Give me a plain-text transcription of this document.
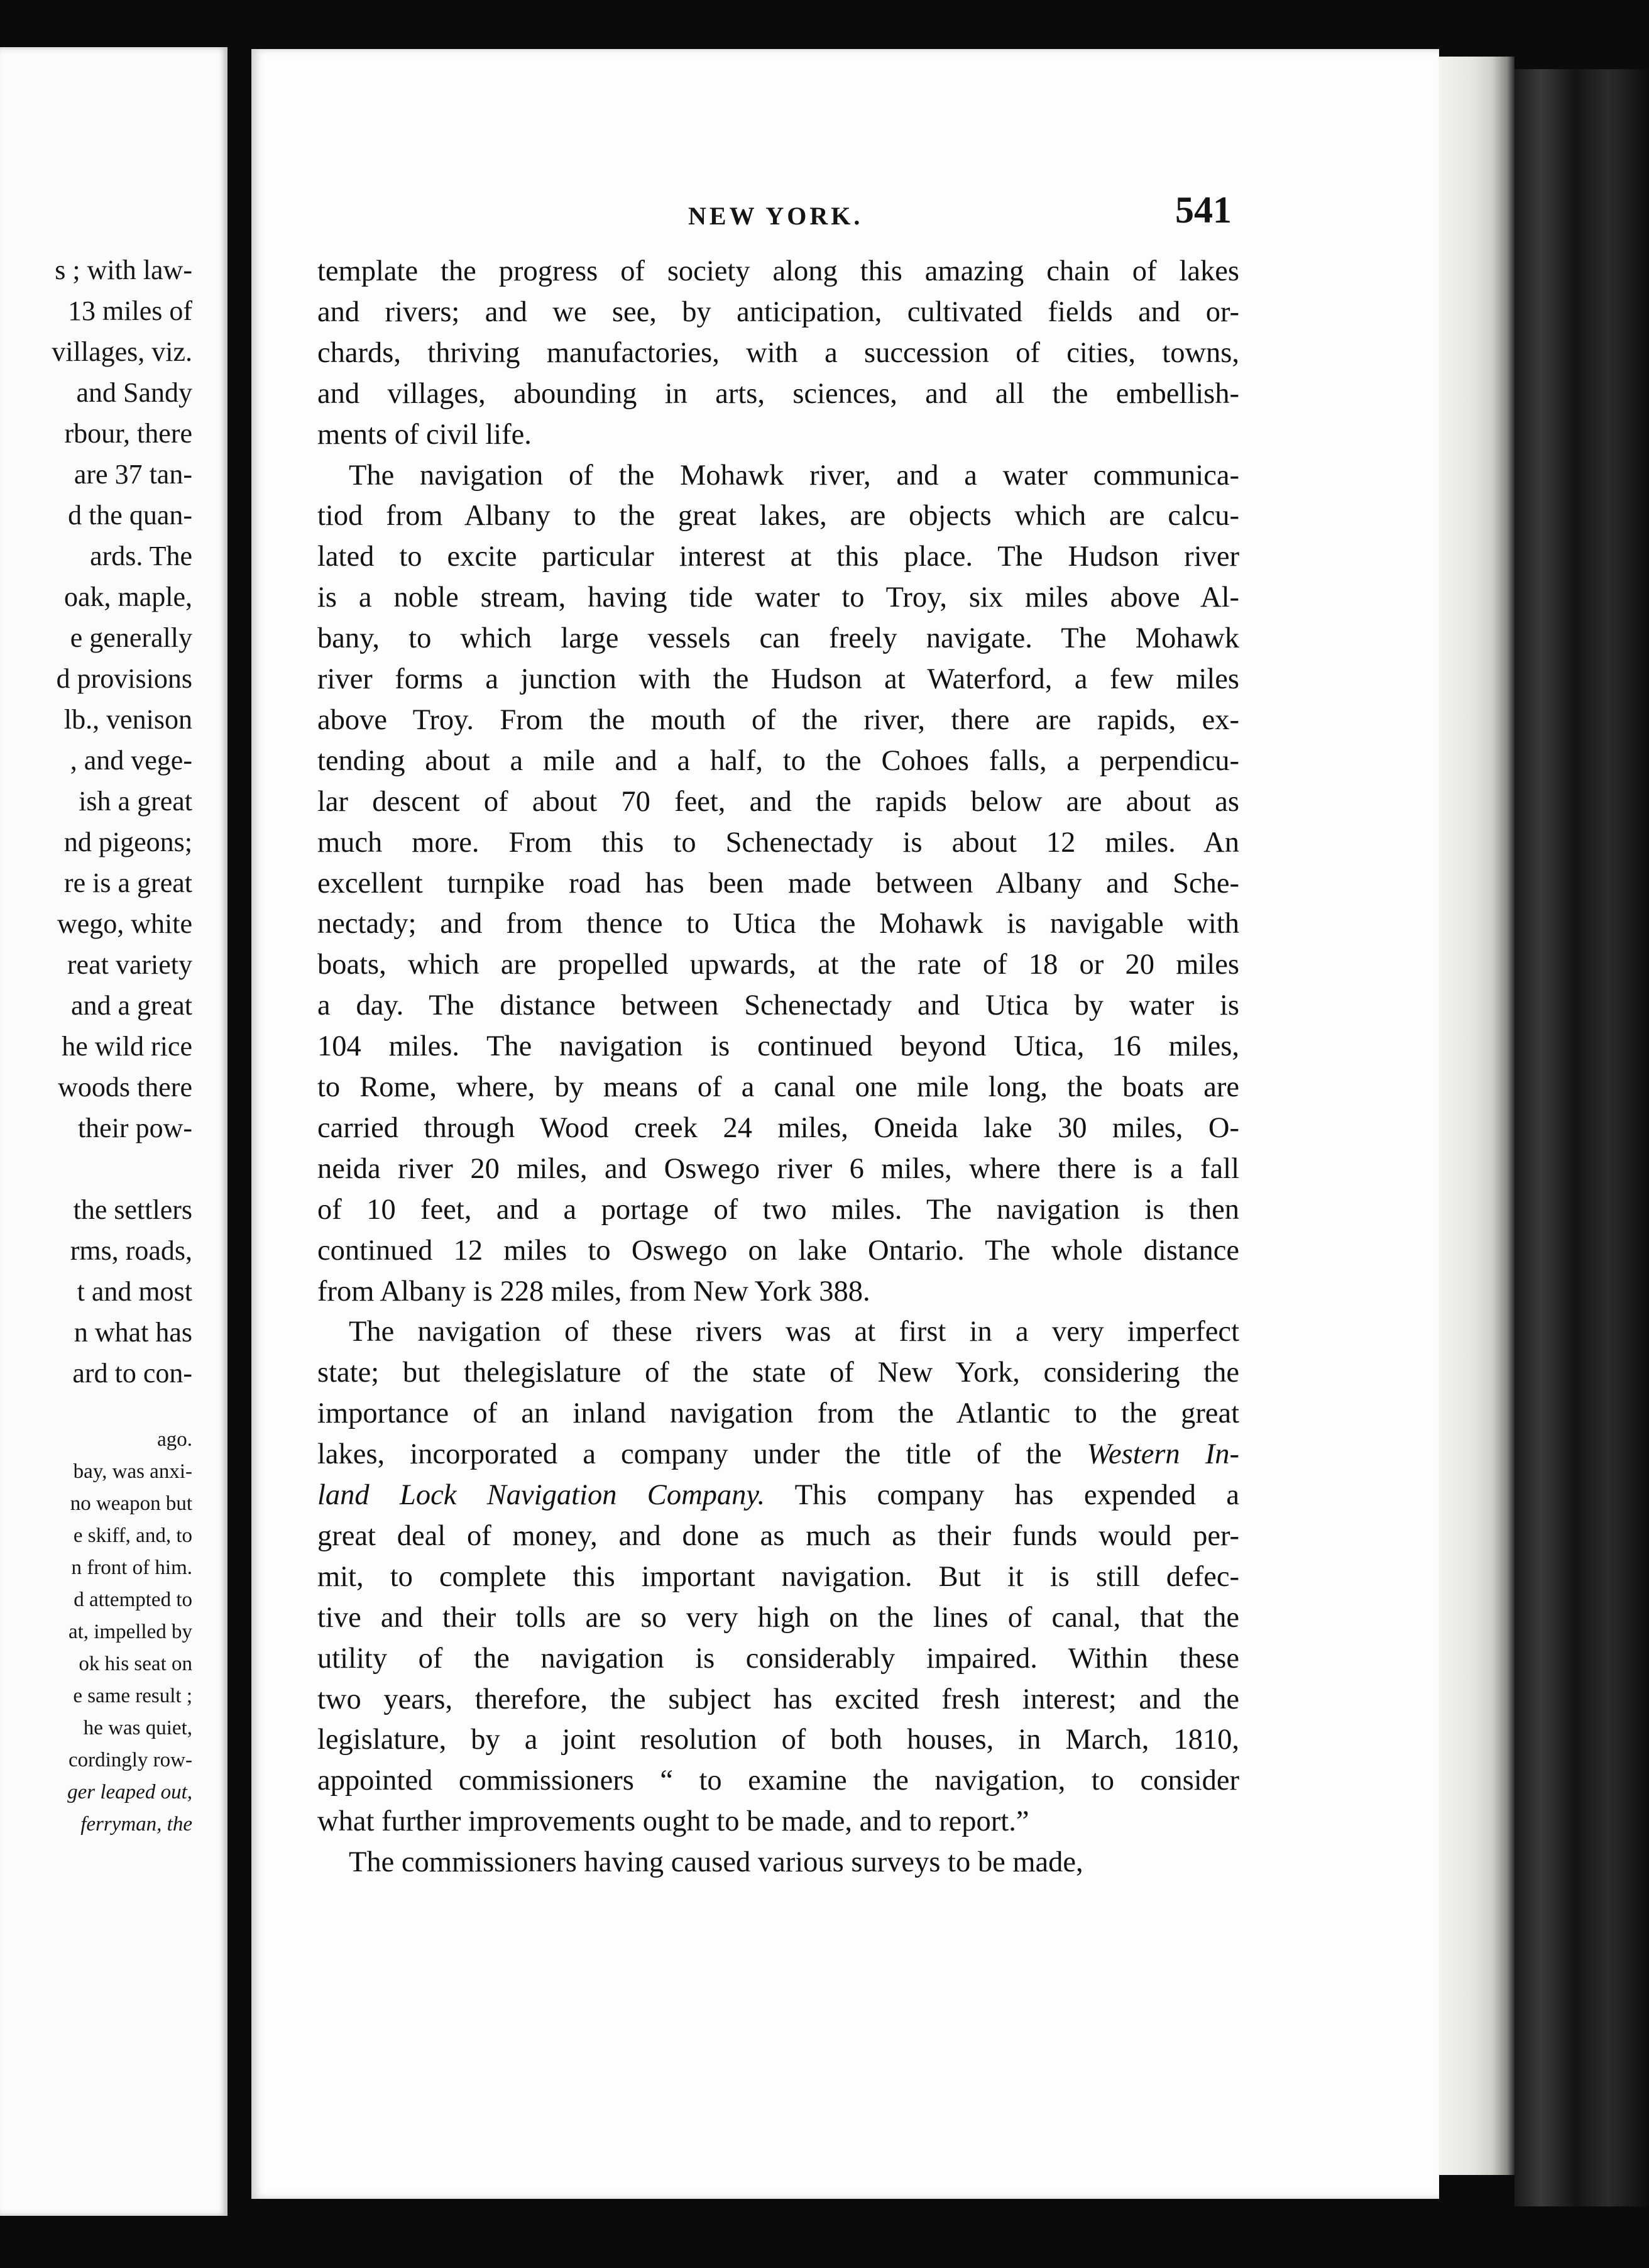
s ; with law-
13 miles of
villages, viz.
and Sandy
rbour, there
are 37 tan-
d the quan-
ards. The
oak, maple,
e generally
d provisions
lb., venison
, and vege-
ish a great
nd pigeons;
re is a great
wego, white
reat variety
and a great
he wild rice
woods there
their pow-
the settlers
rms, roads,
t and most
n what has
ard to con-
ago.
bay, was anxi-
no weapon but
e skiff, and, to
n front of him.
d attempted to
at, impelled by
ok his seat on
e same result ;
he was quiet,
cordingly row-
ger leaped out,
ferryman, the
NEW YORK.	541
template the progress of society along this amazing chain of lakes
and rivers; and we see, by anticipation, cultivated fields and or-
chards, thriving manufactories, with a succession of cities, towns,
and villages, abounding in arts, sciences, and all the embellish-
ments of civil life.
The navigation of the Mohawk river, and a water communica-
tiod from Albany to the great lakes, are objects which are calcu-
lated to excite particular interest at this place. The Hudson river
is a noble stream, having tide water to Troy, six miles above Al-
bany, to which large vessels can freely navigate. The Mohawk
river forms a junction with the Hudson at Waterford, a few miles
above Troy. From the mouth of the river, there are rapids, ex-
tending about a mile and a half, to the Cohoes falls, a perpendicu-
lar descent of about 70 feet, and the rapids below are about as
much more. From this to Schenectady is about 12 miles. An
excellent turnpike road has been made between Albany and Sche-
nectady; and from thence to Utica the Mohawk is navigable with
boats, which are propelled upwards, at the rate of 18 or 20 miles
a day. The distance between Schenectady and Utica by water is
104 miles. The navigation is continued beyond Utica, 16 miles,
to Rome, where, by means of a canal one mile long, the boats are
carried through Wood creek 24 miles, Oneida lake 30 miles, O-
neida river 20 miles, and Oswego river 6 miles, where there is a fall
of 10 feet, and a portage of two miles. The navigation is then
continued 12 miles to Oswego on lake Ontario. The whole distance
from Albany is 228 miles, from New York 388.
The navigation of these rivers was at first in a very imperfect
state; but thelegislature of the state of New York, considering the
importance of an inland navigation from the Atlantic to the great
lakes, incorporated a company under the title of the Western In-
land Lock Navigation Company. This company has expended a
great deal of money, and done as much as their funds would per-
mit, to complete this important navigation. But it is still defec-
tive and their tolls are so very high on the lines of canal, that the
utility of the navigation is considerably impaired. Within these
two years, therefore, the subject has excited fresh interest; and the
legislature, by a joint resolution of both houses, in March, 1810,
appointed commissioners “ to examine the navigation, to consider
what further improvements ought to be made, and to report.”
The commissioners having caused various surveys to be made,
